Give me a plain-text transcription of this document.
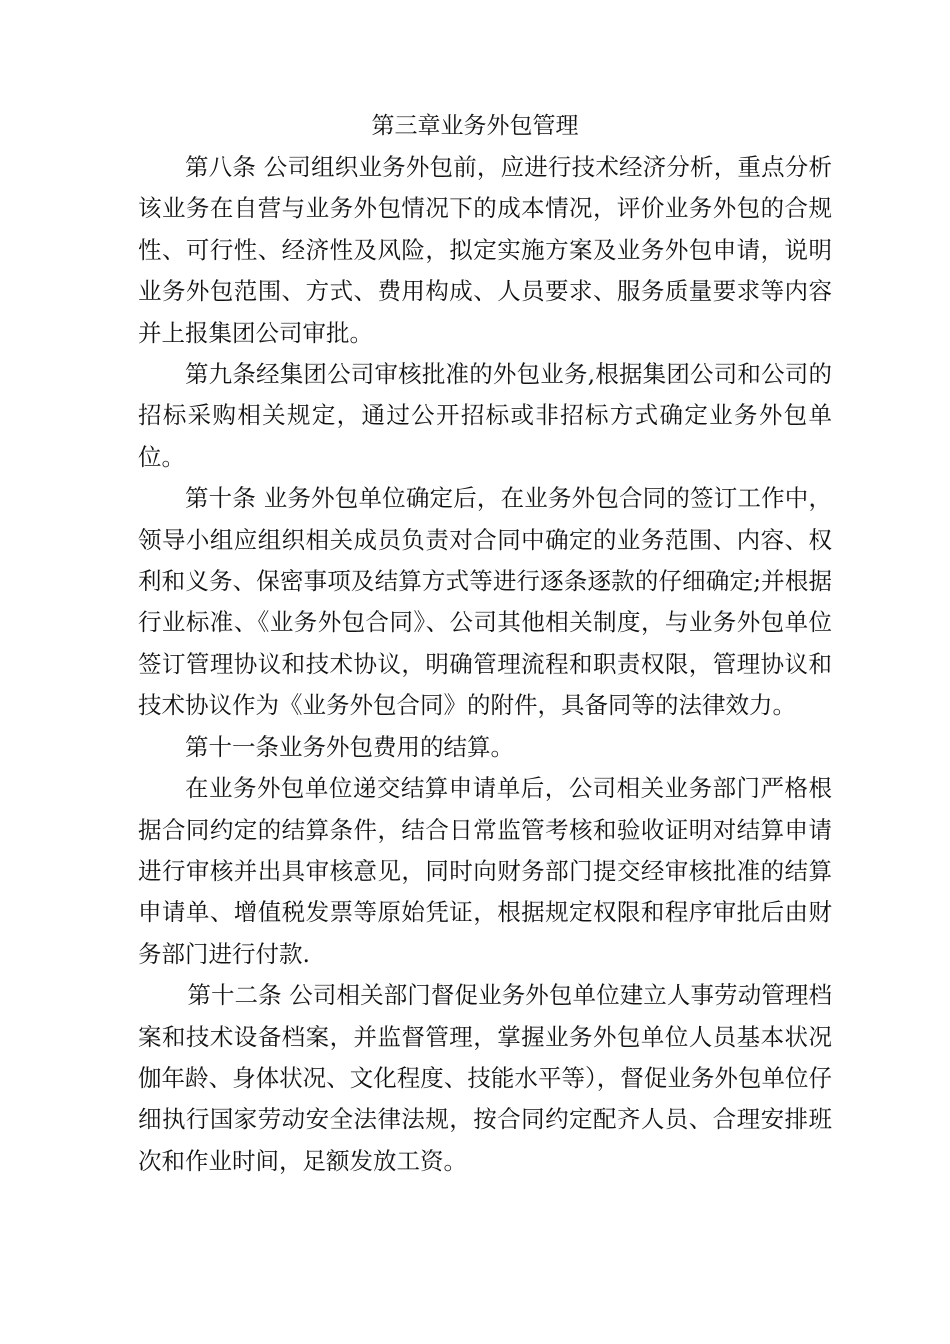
第三章业务外包管理

第八条 公司组织业务外包前，应进行技术经济分析，重点分析该业务在自营与业务外包情况下的成本情况，评价业务外包的合规性、可行性、经济性及风险，拟定实施方案及业务外包申请，说明业务外包范围、方式、费用构成、人员要求、服务质量要求等内容并上报集团公司审批。

第九条经集团公司审核批准的外包业务,根据集团公司和公司的招标采购相关规定，通过公开招标或非招标方式确定业务外包单位。

第十条 业务外包单位确定后，在业务外包合同的签订工作中，领导小组应组织相关成员负责对合同中确定的业务范围、内容、权利和义务、保密事项及结算方式等进行逐条逐款的仔细确定;并根据行业标准、《业务外包合同》、公司其他相关制度，与业务外包单位签订管理协议和技术协议，明确管理流程和职责权限，管理协议和技术协议作为《业务外包合同》的附件，具备同等的法律效力。

第十一条业务外包费用的结算。

在业务外包单位递交结算申请单后，公司相关业务部门严格根据合同约定的结算条件，结合日常监管考核和验收证明对结算申请进行审核并出具审核意见，同时向财务部门提交经审核批准的结算申请单、增值税发票等原始凭证，根据规定权限和程序审批后由财务部门进行付款.

第十二条 公司相关部门督促业务外包单位建立人事劳动管理档案和技术设备档案，并监督管理，掌握业务外包单位人员基本状况伽年龄、身体状况、文化程度、技能水平等），督促业务外包单位仔细执行国家劳动安全法律法规，按合同约定配齐人员、合理安排班次和作业时间，足额发放工资。
